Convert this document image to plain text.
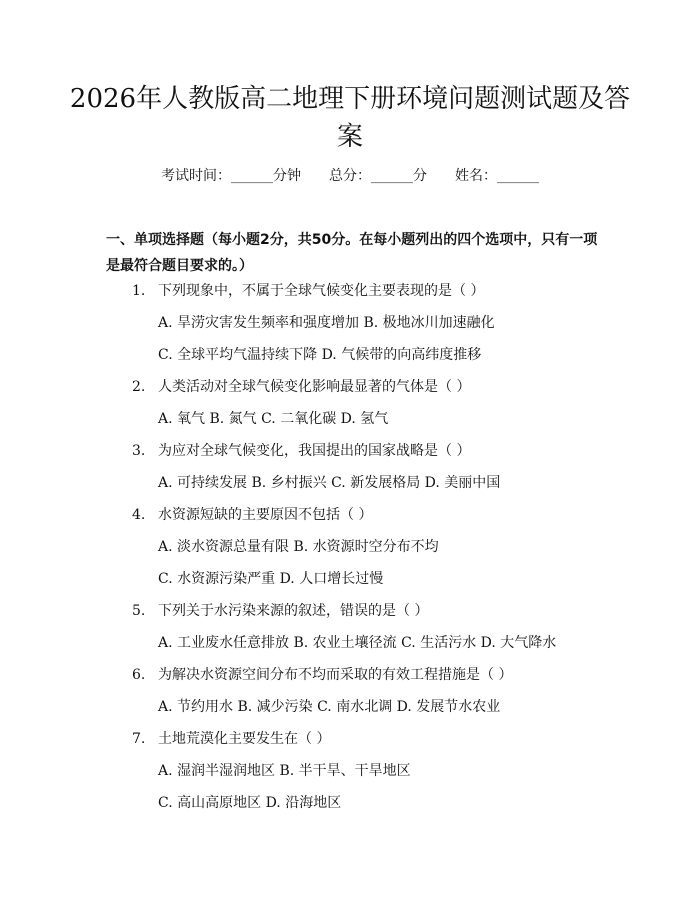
2026年人教版高二地理下册环境问题测试题及答案
考试时间：______分钟 总分：______分 姓名：______

一、单项选择题（每小题2分，共50分。在每小题列出的四个选项中，只有一项是最符合题目要求的。）

1. 下列现象中，不属于全球气候变化主要表现的是（ ）
A. 旱涝灾害发生频率和强度增加 B. 极地冰川加速融化
C. 全球平均气温持续下降 D. 气候带的向高纬度推移
2. 人类活动对全球气候变化影响最显著的气体是（ ）
A. 氧气 B. 氮气 C. 二氧化碳 D. 氢气
3. 为应对全球气候变化，我国提出的国家战略是（ ）
A. 可持续发展 B. 乡村振兴 C. 新发展格局 D. 美丽中国
4. 水资源短缺的主要原因不包括（ ）
A. 淡水资源总量有限 B. 水资源时空分布不均
C. 水资源污染严重 D. 人口增长过慢
5. 下列关于水污染来源的叙述，错误的是（ ）
A. 工业废水任意排放 B. 农业土壤径流 C. 生活污水 D. 大气降水
6. 为解决水资源空间分布不均而采取的有效工程措施是（ ）
A. 节约用水 B. 减少污染 C. 南水北调 D. 发展节水农业
7. 土地荒漠化主要发生在（ ）
A. 湿润半湿润地区 B. 半干旱、干旱地区
C. 高山高原地区 D. 沿海地区
